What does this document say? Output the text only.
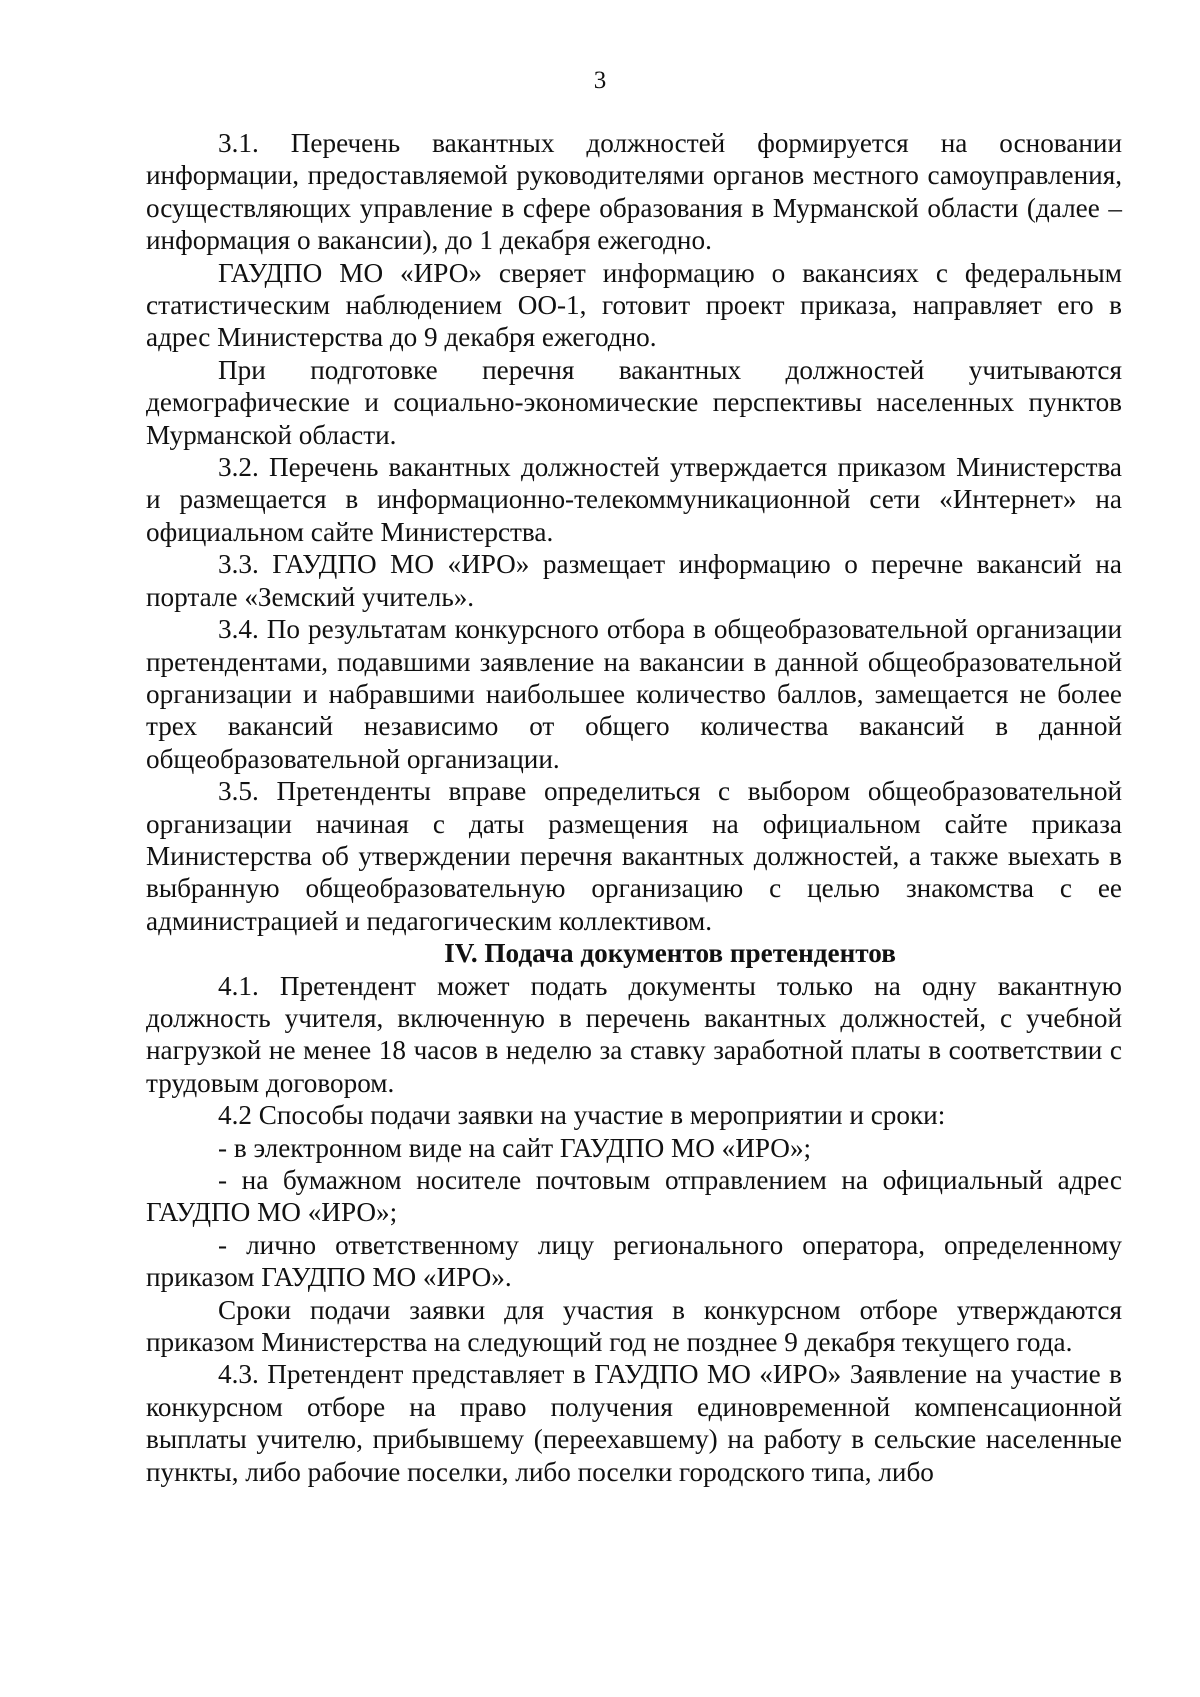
3

3.1. Перечень вакантных должностей формируется на основании информации, предоставляемой руководителями органов местного самоуправления, осуществляющих управление в сфере образования в Мурманской области (далее – информация о вакансии), до 1 декабря ежегодно.

ГАУДПО МО «ИРО» сверяет информацию о вакансиях с федеральным статистическим наблюдением ОО-1, готовит проект приказа, направляет его в адрес Министерства до 9 декабря ежегодно.

При подготовке перечня вакантных должностей учитываются демографические и социально-экономические перспективы населенных пунктов Мурманской области.

3.2. Перечень вакантных должностей утверждается приказом Министерства и размещается в информационно-телекоммуникационной сети «Интернет» на официальном сайте Министерства.

3.3. ГАУДПО МО «ИРО» размещает информацию о перечне вакансий на портале «Земский учитель».

3.4. По результатам конкурсного отбора в общеобразовательной организации претендентами, подавшими заявление на вакансии в данной общеобразовательной организации и набравшими наибольшее количество баллов, замещается не более трех вакансий независимо от общего количества вакансий в данной общеобразовательной организации.

3.5. Претенденты вправе определиться с выбором общеобразовательной организации начиная с даты размещения на официальном сайте приказа Министерства об утверждении перечня вакантных должностей, а также выехать в выбранную общеобразовательную организацию с целью знакомства с ее администрацией и педагогическим коллективом.

IV. Подача документов претендентов

4.1. Претендент может подать документы только на одну вакантную должность учителя, включенную в перечень вакантных должностей, с учебной нагрузкой не менее 18 часов в неделю за ставку заработной платы в соответствии с трудовым договором.

4.2 Способы подачи заявки на участие в мероприятии и сроки:

- в электронном виде на сайт ГАУДПО МО «ИРО»;

- на бумажном носителе почтовым отправлением на официальный адрес ГАУДПО МО «ИРО»;

- лично ответственному лицу регионального оператора, определенному приказом ГАУДПО МО «ИРО».

Сроки подачи заявки для участия в конкурсном отборе утверждаются приказом Министерства на следующий год не позднее 9 декабря текущего года.

4.3. Претендент представляет в ГАУДПО МО «ИРО» Заявление на участие в конкурсном отборе на право получения единовременной компенсационной выплаты учителю, прибывшему (переехавшему) на работу в сельские населенные пункты, либо рабочие поселки, либо поселки городского типа, либо
